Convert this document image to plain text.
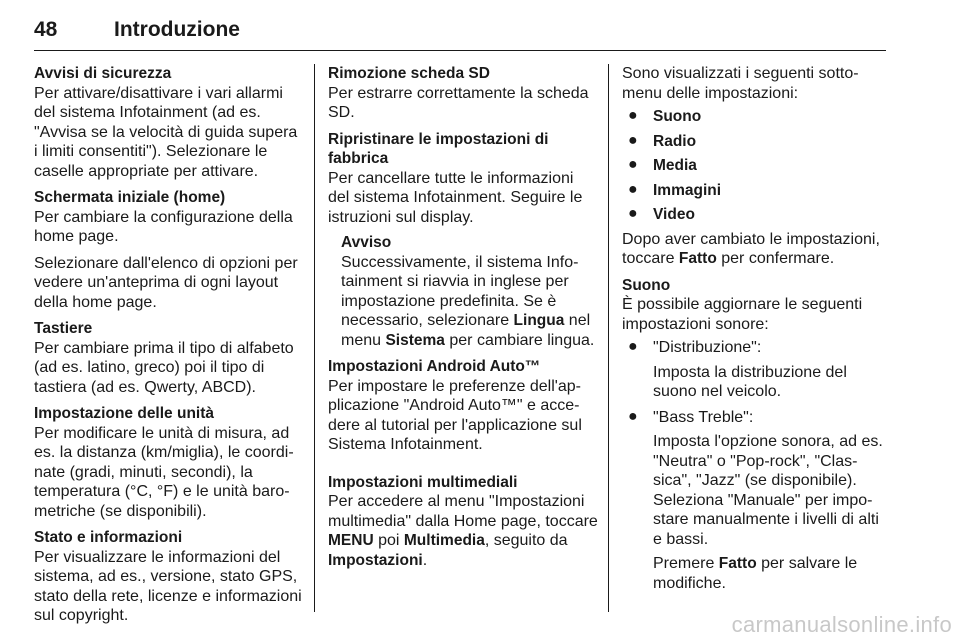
48	Introduzione
Avvisi di sicurezza

Per attivare/disattivare i vari allarmi del sistema Infotainment (ad es. "Avvisa se la velocità di guida supera i limiti consentiti"). Selezionare le caselle appropriate per attivare.

Schermata iniziale (home)

Per cambiare la configurazione della home page.

Selezionare dall'elenco di opzioni per vedere un'anteprima di ogni layout della home page.

Tastiere

Per cambiare prima il tipo di alfabeto (ad es. latino, greco) poi il tipo di tastiera (ad es. Qwerty, ABCD).

Impostazione delle unità

Per modificare le unità di misura, ad es. la distanza (km/miglia), le coordinate (gradi, minuti, secondi), la temperatura (°C, °F) e le unità barometriche (se disponibili).

Stato e informazioni

Per visualizzare le informazioni del sistema, ad es., versione, stato GPS, stato della rete, licenze e informazioni sul copyright.

Rimozione scheda SD

Per estrarre correttamente la scheda SD.

Ripristinare le impostazioni di fabbrica

Per cancellare tutte le informazioni del sistema Infotainment. Seguire le istruzioni sul display.

Avviso

Successivamente, il sistema Infotainment si riavvia in inglese per impostazione predefinita. Se è necessario, selezionare Lingua nel menu Sistema per cambiare lingua.

Impostazioni Android Auto™

Per impostare le preferenze dell'applicazione "Android Auto™" e accedere al tutorial per l'applicazione sul Sistema Infotainment.

Impostazioni multimediali

Per accedere al menu "Impostazioni multimedia" dalla Home page, toccare MENU poi Multimedia, seguito da Impostazioni.

Sono visualizzati i seguenti sottomenu delle impostazioni:

● Suono
● Radio
● Media
● Immagini
● Video

Dopo aver cambiato le impostazioni, toccare Fatto per confermare.

Suono

È possibile aggiornare le seguenti impostazioni sonore:

● "Distribuzione":
Imposta la distribuzione del suono nel veicolo.
● "Bass Treble":
Imposta l'opzione sonora, ad es. "Neutra" o "Pop-rock", "Classica", "Jazz" (se disponibile). Seleziona "Manuale" per impostare manualmente i livelli di alti e bassi.
Premere Fatto per salvare le modifiche.
carmanualsonline.info
